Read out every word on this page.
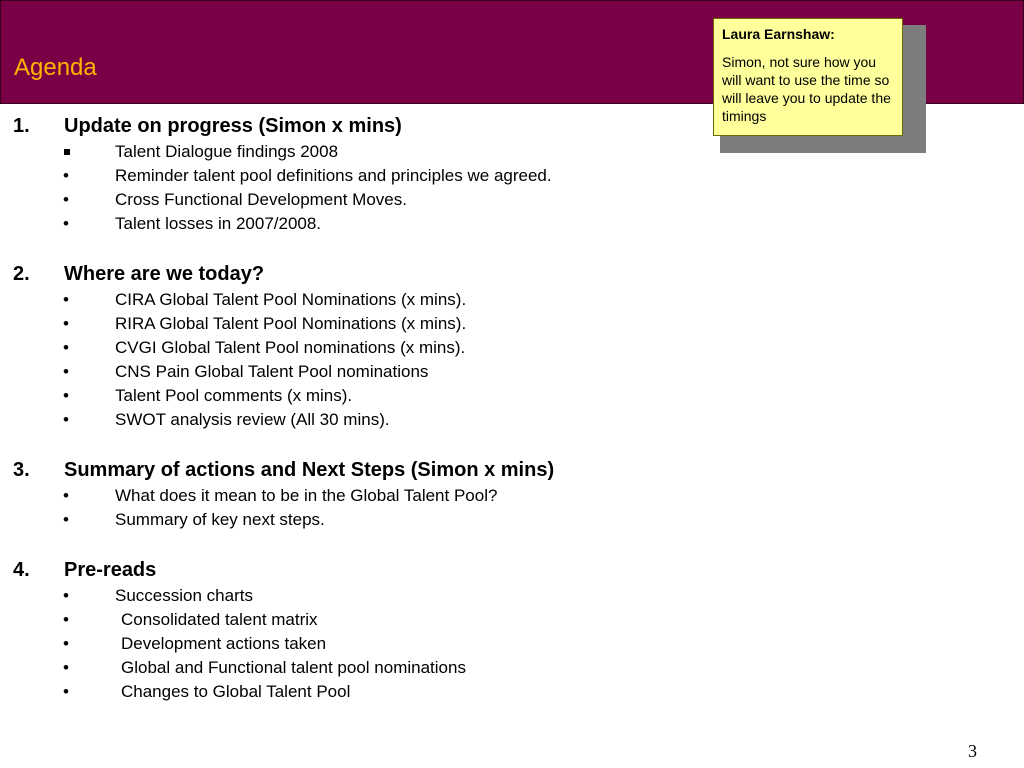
Agenda
Laura Earnshaw:
Simon, not sure how you will want to use the time so will leave you to update the timings
1. Update on progress (Simon x mins)
Talent Dialogue findings 2008
•	Reminder talent pool definitions and principles we agreed.
•	Cross Functional Development Moves.
•	Talent losses in 2007/2008.
2. Where are we today?
•	CIRA Global Talent Pool Nominations (x mins).
•	RIRA Global Talent Pool Nominations (x mins).
•	CVGI Global Talent Pool nominations (x mins).
•	CNS Pain Global Talent Pool nominations
•	Talent Pool comments (x mins).
•	SWOT analysis review (All 30 mins).
3. Summary of actions and Next Steps (Simon x mins)
•	What does it mean to be in the Global Talent Pool?
•	Summary of key next steps.
4. Pre-reads
•	Succession charts
•	Consolidated talent matrix
•	Development actions taken
•	Global and Functional talent pool nominations
•	Changes to Global Talent Pool
3
